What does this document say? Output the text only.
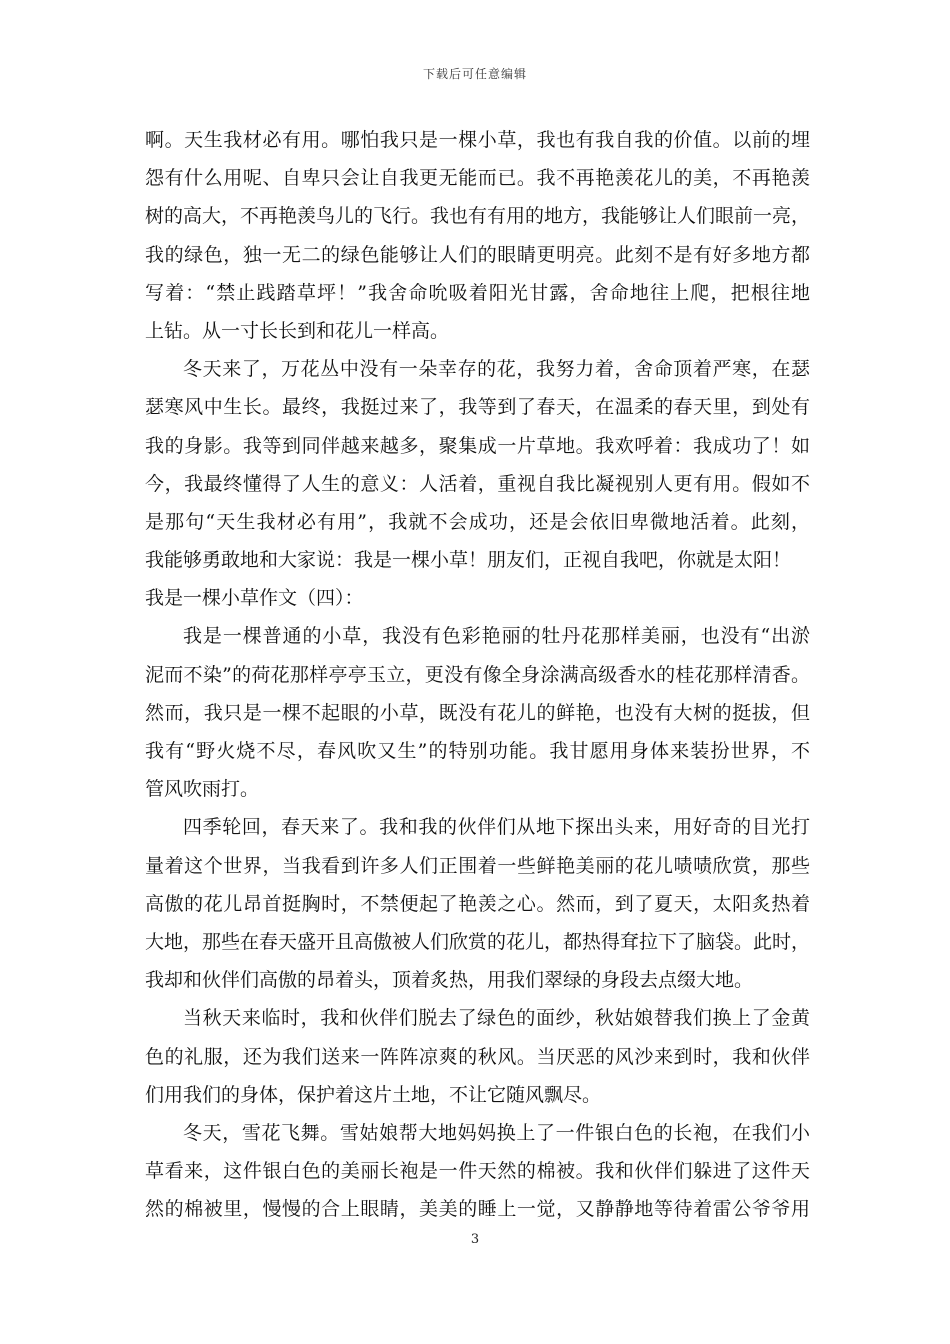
下载后可任意编辑
啊。天生我材必有用。哪怕我只是一棵小草，我也有我自我的价值。以前的埋
怨有什么用呢、自卑只会让自我更无能而已。我不再艳羡花儿的美，不再艳羡
树的高大，不再艳羡鸟儿的飞行。我也有有用的地方，我能够让人们眼前一亮，
我的绿色，独一无二的绿色能够让人们的眼睛更明亮。此刻不是有好多地方都
写着：“禁止践踏草坪！”我舍命吮吸着阳光甘露，舍命地往上爬，把根往地
上钻。从一寸长长到和花儿一样高。
冬天来了，万花丛中没有一朵幸存的花，我努力着，舍命顶着严寒，在瑟
瑟寒风中生长。最终，我挺过来了，我等到了春天，在温柔的春天里，到处有
我的身影。我等到同伴越来越多，聚集成一片草地。我欢呼着：我成功了！如
今，我最终懂得了人生的意义：人活着，重视自我比凝视别人更有用。假如不
是那句“天生我材必有用”，我就不会成功，还是会依旧卑微地活着。此刻，
我能够勇敢地和大家说：我是一棵小草！朋友们，正视自我吧，你就是太阳！
我是一棵小草作文（四）：
我是一棵普通的小草，我没有色彩艳丽的牡丹花那样美丽，也没有“出淤
泥而不染”的荷花那样亭亭玉立，更没有像全身涂满高级香水的桂花那样清香。
然而，我只是一棵不起眼的小草，既没有花儿的鲜艳，也没有大树的挺拔，但
我有“野火烧不尽，春风吹又生”的特别功能。我甘愿用身体来装扮世界，不
管风吹雨打。
四季轮回，春天来了。我和我的伙伴们从地下探出头来，用好奇的目光打
量着这个世界，当我看到许多人们正围着一些鲜艳美丽的花儿啧啧欣赏，那些
高傲的花儿昂首挺胸时，不禁便起了艳羡之心。然而，到了夏天，太阳炙热着
大地，那些在春天盛开且高傲被人们欣赏的花儿，都热得耷拉下了脑袋。此时，
我却和伙伴们高傲的昂着头，顶着炙热，用我们翠绿的身段去点缀大地。
当秋天来临时，我和伙伴们脱去了绿色的面纱，秋姑娘替我们换上了金黄
色的礼服，还为我们送来一阵阵凉爽的秋风。当厌恶的风沙来到时，我和伙伴
们用我们的身体，保护着这片土地，不让它随风飘尽。
冬天，雪花飞舞。雪姑娘帮大地妈妈换上了一件银白色的长袍，在我们小
草看来，这件银白色的美丽长袍是一件天然的棉被。我和伙伴们躲进了这件天
然的棉被里，慢慢的合上眼睛，美美的睡上一觉，又静静地等待着雷公爷爷用
3
